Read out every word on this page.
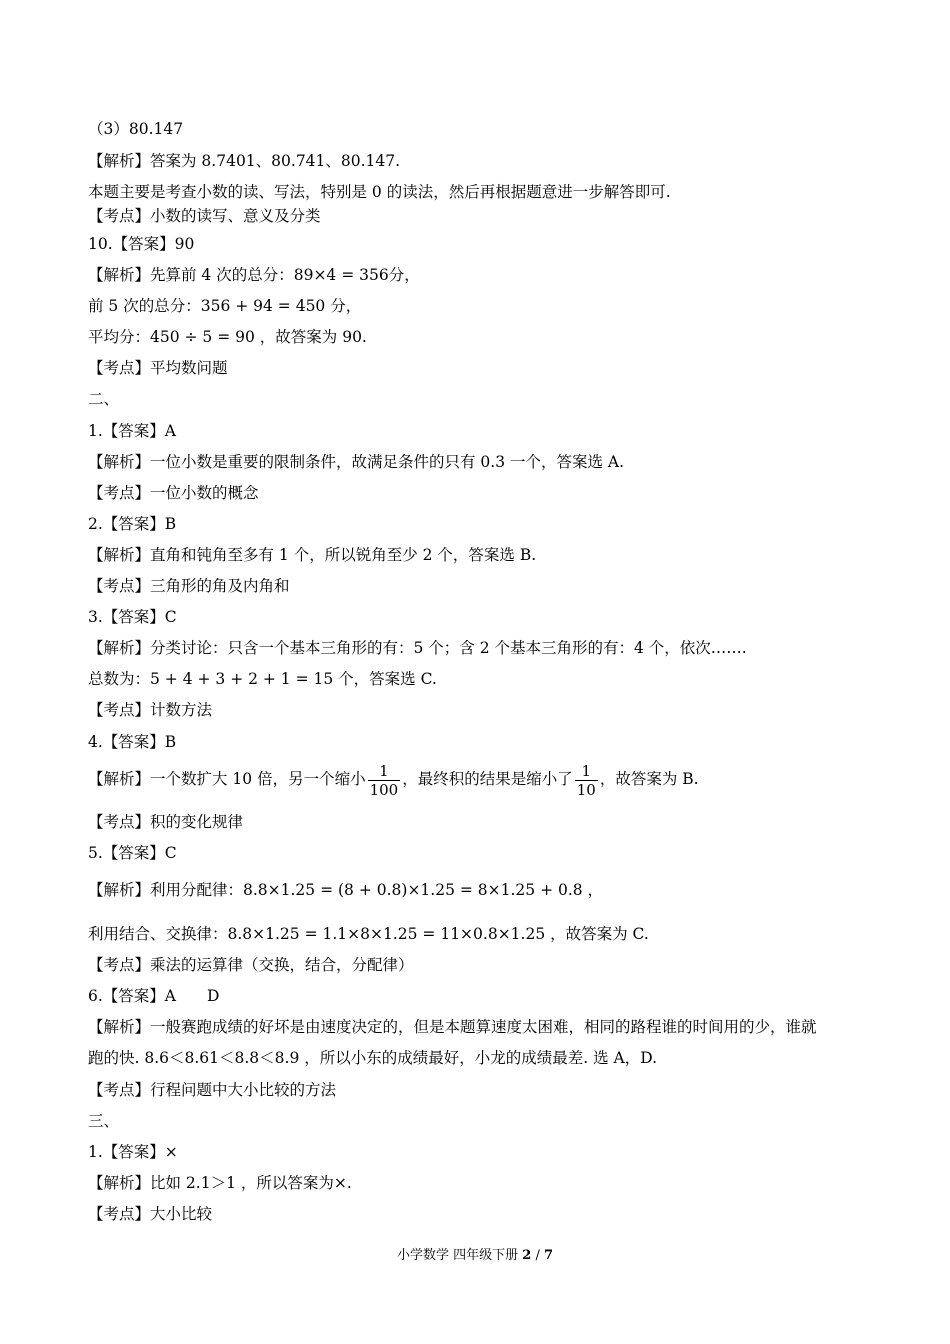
（3）80.147
【解析】答案为 8.7401、80.741、80.147.
本题主要是考查小数的读、写法，特别是 0 的读法，然后再根据题意进一步解答即可.
【考点】小数的读写、意义及分类
10.【答案】90
【解析】先算前 4 次的总分：89×4 = 356分，
前 5 次的总分：356 + 94 = 450 分，
平均分：450 ÷ 5 = 90 ，故答案为 90.
【考点】平均数问题
二、
1.【答案】A
【解析】一位小数是重要的限制条件，故满足条件的只有 0.3 一个，答案选 A.
【考点】一位小数的概念
2.【答案】B
【解析】直角和钝角至多有 1 个，所以锐角至少 2 个，答案选 B.
【考点】三角形的角及内角和
3.【答案】C
【解析】分类讨论：只含一个基本三角形的有：5 个；含 2 个基本三角形的有：4 个，依次…….
总数为：5 + 4 + 3 + 2 + 1 = 15 个，答案选 C.
【考点】计数方法
4.【答案】B
【解析】一个数扩大 10 倍，另一个缩小 $\frac{1}{100}$ ，最终积的结果是缩小了 $\frac{1}{10}$ ，故答案为 B.
【考点】积的变化规律
5.【答案】C
【解析】利用分配律：8.8×1.25 = (8 + 0.8)×1.25 = 8×1.25 + 0.8 ，
利用结合、交换律：8.8×1.25 = 1.1×8×1.25 = 11×0.8×1.25 ，故答案为 C.
【考点】乘法的运算律（交换，结合，分配律）
6.【答案】A　　D
【解析】一般赛跑成绩的好坏是由速度决定的，但是本题算速度太困难，相同的路程谁的时间用的少，谁就
跑的快. 8.6＜8.61＜8.8＜8.9 ，所以小东的成绩最好，小龙的成绩最差. 选 A，D.
【考点】行程问题中大小比较的方法
三、
1.【答案】×
【解析】比如 2.1＞1 ，所以答案为×.
【考点】大小比较
小学数学 四年级下册 2 / 7
